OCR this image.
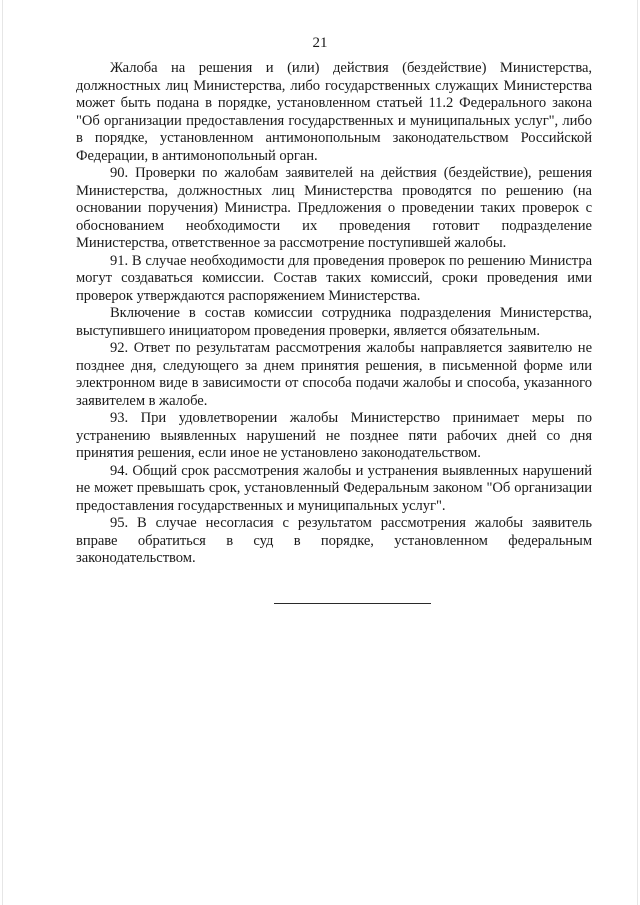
21

Жалоба на решения и (или) действия (бездействие) Министерства, должностных лиц Министерства, либо государственных служащих Министерства может быть подана в порядке, установленном статьей 11.2 Федерального закона "Об организации предоставления государственных и муниципальных услуг", либо в порядке, установленном антимонопольным законодательством Российской Федерации, в антимонопольный орган.

90. Проверки по жалобам заявителей на действия (бездействие), решения Министерства, должностных лиц Министерства проводятся по решению (на основании поручения) Министра. Предложения о проведении таких проверок с обоснованием необходимости их проведения готовит подразделение Министерства, ответственное за рассмотрение поступившей жалобы.

91. В случае необходимости для проведения проверок по решению Министра могут создаваться комиссии. Состав таких комиссий, сроки проведения ими проверок утверждаются распоряжением Министерства.

Включение в состав комиссии сотрудника подразделения Министерства, выступившего инициатором проведения проверки, является обязательным.

92. Ответ по результатам рассмотрения жалобы направляется заявителю не позднее дня, следующего за днем принятия решения, в письменной форме или электронном виде в зависимости от способа подачи жалобы и способа, указанного заявителем в жалобе.

93. При удовлетворении жалобы Министерство принимает меры по устранению выявленных нарушений не позднее пяти рабочих дней со дня принятия решения, если иное не установлено законодательством.

94. Общий срок рассмотрения жалобы и устранения выявленных нарушений не может превышать срок, установленный Федеральным законом "Об организации предоставления государственных и муниципальных услуг".

95. В случае несогласия с результатом рассмотрения жалобы заявитель вправе обратиться в суд в порядке, установленном федеральным законодательством.
